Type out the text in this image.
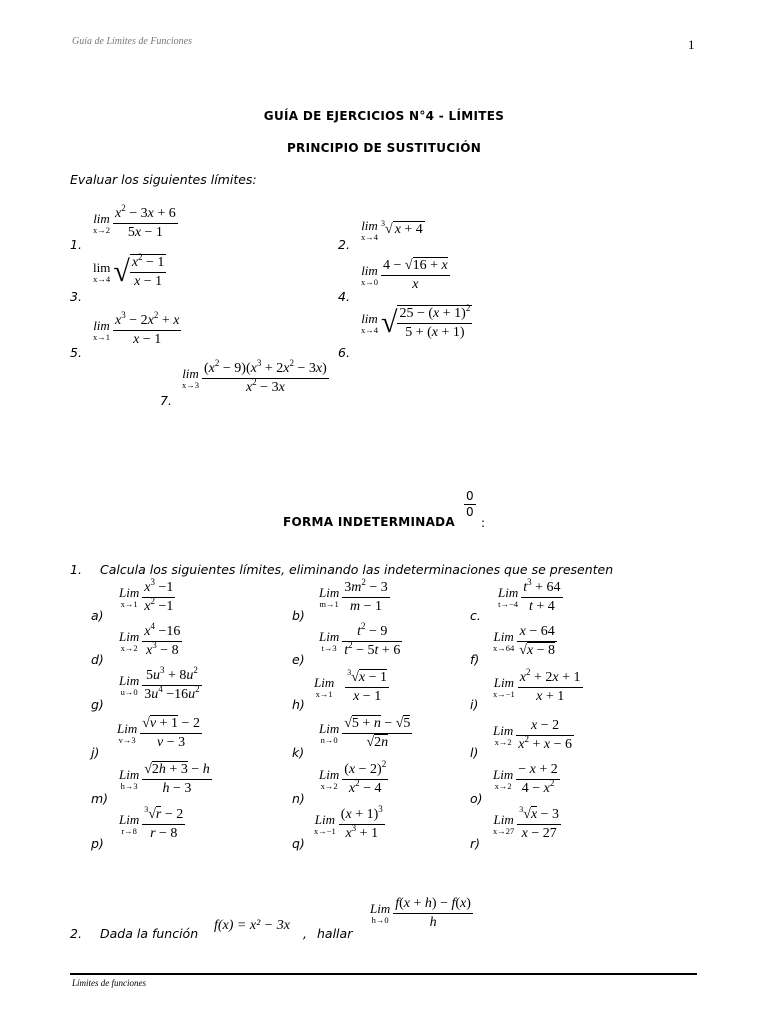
Guía de Límites de Funciones	1
GUÍA DE EJERCICIOS N°4 - LÍMITES
PRINCIPIO DE SUSTITUCIÓN
Evaluar los siguientes límites:
1.
lim
$x\to 2 \frac{x^2 - 3x + 6}{5x - 1}$
2.
lim
x→4
$^3$√ x + 4
3.
lim
x→4 √ $\frac{x^2 - 1}{x - 1}$
4.
lim
$x\to 0 \frac{4 - √16 + x}{x}$
5.
lim
$x\to 1 \frac{x^3 - 2x^2 + x}{x - 1}$
6.
lim
x→4 √ $\frac{25 - (x + 1)^2}{5 + (x + 1)}$
7.
lim
$x\to 3 \frac{(x^2 - 9)(x^3 + 2x^2 - 3x)}{x^2 - 3x}$
FORMA INDETERMINADA
$\frac{0}{0}$
:
1. Calcula los siguientes límites, eliminando las indeterminaciones que se presenten
a)
Lim
$x\to 1 \frac{x^3 -1}{x^2 -1}$
b)
Lim
$m\to 1 \frac{3m^2 - 3}{m - 1}$
c.
Lim
$t\to-4 \frac{t^3 + 64}{t + 4}$
d)
Lim
$x\to 2 \frac{x^4 -16}{x^3 - 8}$
e)
Lim
$t\to 3 \frac{t^2 - 9}{t^2 - 5t + 6}$
f)
Lim
$x\to 64 \frac{x - 64}{√x - 8}$
g)
Lim
$u\to 0 \frac{5u^3 + 8u^2}{3u^4 -16u^2}$
h)
Lim
$x\to 1 \frac{^3√x - 1}{x - 1}$	i)
Lim
$x\to-1 \frac{x^2 + 2x + 1}{x + 1}$
j)
Lim
$v\to 3 \frac{√v + 1 - 2}{v - 3}$
k)
Lim
$n\to 0 \frac{√5 + n - √5}{√2n}$
l)
Lim
$x\to 2 \frac{x - 2}{x^2 + x - 6}$
m)
Lim
$h\to 3 \frac{√2h + 3 - h}{h - 3}$
n)
Lim
$x\to 2 \frac{(x - 2)^2}{x^2 - 4}$
o)
Lim
$x\to 2 \frac{- x + 2}{4 - x^2}$
p)
Lim
$r\to 8 \frac{^3√r - 2}{r - 8}$
q)
Lim
$x\to-1 \frac{(x + 1)^3}{x^3 + 1}$
r)
Lim
$x\to 27 \frac{^3√x - 3}{x - 27}$
2. Dada la función
f(x) = x² − 3x
, hallar
Lim
$h\to 0 \frac{f(x + h) - f(x)}{h}$
Límites de funciones
